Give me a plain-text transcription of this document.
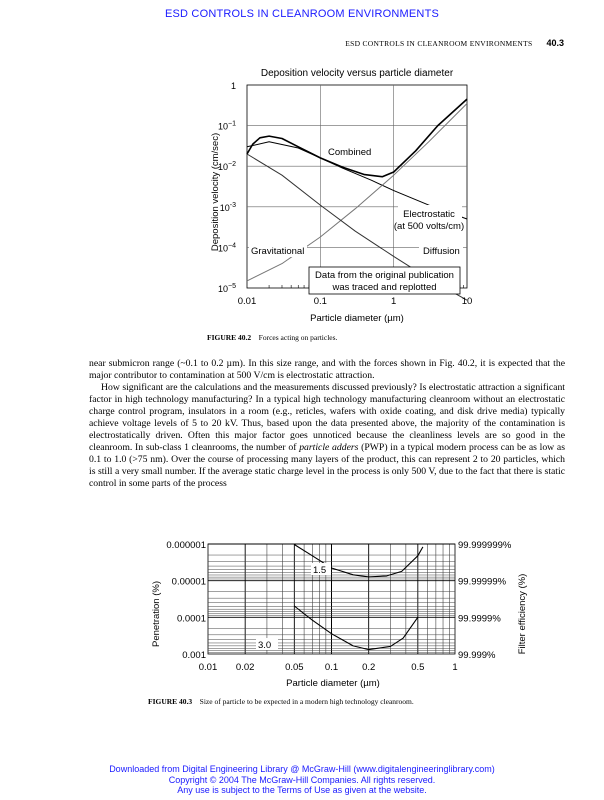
ESD CONTROLS IN CLEANROOM ENVIRONMENTS
ESD CONTROLS IN CLEANROOM ENVIRONMENTS 40.3
Deposition velocity versus particle diameter
0.01	0.1	1	10
1
$10^{-1}$
$10^{-2}$
$10^{-3}$
$10^{-4}$
$10^{-5}$
Combined
Electrostatic
(at 500 volts/cm)
Gravitational	Diffusion
Data from the original publication
was traced and replotted
Particle diameter (µm)
Deposition velocity (cm/sec)
FIGURE 40.2 Forces acting on particles.

near submicron range (~0.1 to 0.2 µm). In this size range, and with the forces shown in Fig. 40.2, it is expected that the major contributor to contamination at 500 V/cm is electrostatic attraction.

How significant are the calculations and the measurements discussed previously? Is electrostatic attraction a significant factor in high technology manufacturing? In a typical high technology manufacturing cleanroom without an electrostatic charge control program, insulators in a room (e.g., reticles, wafers with oxide coating, and disk drive media) typically achieve voltage levels of 5 to 20 kV. Thus, based upon the data presented above, the majority of the contamination is electrostatically driven. Often this major factor goes unnoticed because the cleanliness levels are so good in the cleanroom. In sub-class 1 cleanrooms, the number of particle adders (PWP) in a typical modern process can be as low as 0.1 to 1.0 (>75 nm). Over the course of processing many layers of the product, this can represent 2 to 20 particles, which is still a very small number. If the average static charge level in the process is only 500 V, due to the fact that there is static control in some parts of the process

0.01 0.02	0.05 0.1	0.2	0.5	1
0.000001
0.00001
0.0001
0.001
99.999999%
99.99999%
99.9999%
99.999%
1.5
3.0
Particle diameter (µm)
Penetration (%)	Filter efficiency (%)
FIGURE 40.3 Size of particle to be expected in a modern high technology cleanroom.
Downloaded from Digital Engineering Library @ McGraw-Hill (www.digitalengineeringlibrary.com)
Copyright © 2004 The McGraw-Hill Companies. All rights reserved.
Any use is subject to the Terms of Use as given at the website.
